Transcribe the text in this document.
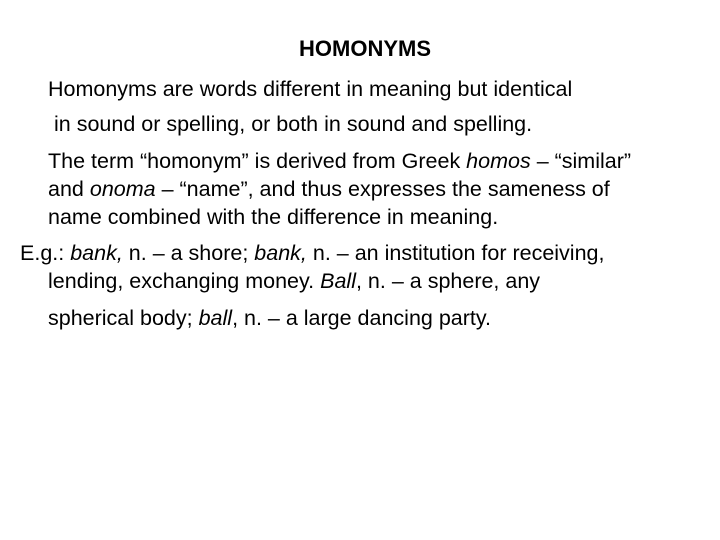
HOMONYMS
Homonyms are words different in meaning but identical
in sound or spelling, or both in sound and spelling.
The term “homonym” is derived from Greek homos – “similar”
and onoma – “name”, and thus expresses the sameness of
name combined with the difference in meaning.
E.g.: bank, n. – a shore; bank, n. – an institution for receiving,
lending, exchanging money. Ball, n. – a sphere, any
spherical body; ball, n. – a large dancing party.
